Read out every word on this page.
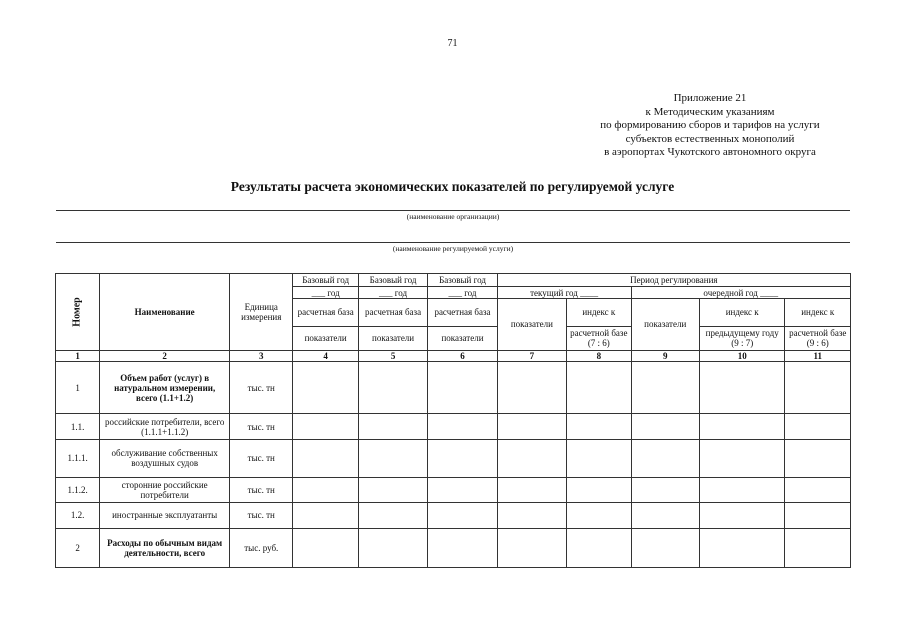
71
Приложение 21
к Методическим указаниям
по формированию сборов и тарифов на услуги
субъектов естественных монополий
в аэропортах Чукотского автономного округа
Результаты расчета экономических показателей по регулируемой услуге
(наименование организации)
(наименование регулируемой услуги)
Номер	Наименование	Единица измерения	Базовый год	Базовый год	Базовый год	Период регулирования				
			___ год	___ год	___ год	текущий год ____		очередной год ____		
			расчетная база	расчетная база	расчетная база	показатели	индекс к	показатели	индекс к	индекс к
			показатели	показатели	показатели		расчетной базе (7 : 6)		предыдущему году (9 : 7)	расчетной базе (9 : 6)
1	2	3	4	5	6	7	8	9	10	11
1	Объем работ (услуг) в натуральном измерении, всего (1.1+1.2)	тыс. тн								
1.1.	российские потребители, всего (1.1.1+1.1.2)	тыс. тн								
1.1.1.	обслуживание собственных воздушных судов	тыс. тн								
1.1.2.	сторонние российские потребители	тыс. тн								
1.2.	иностранные эксплуатанты	тыс. тн								
2	Расходы по обычным видам деятельности, всего	тыс. руб.								
